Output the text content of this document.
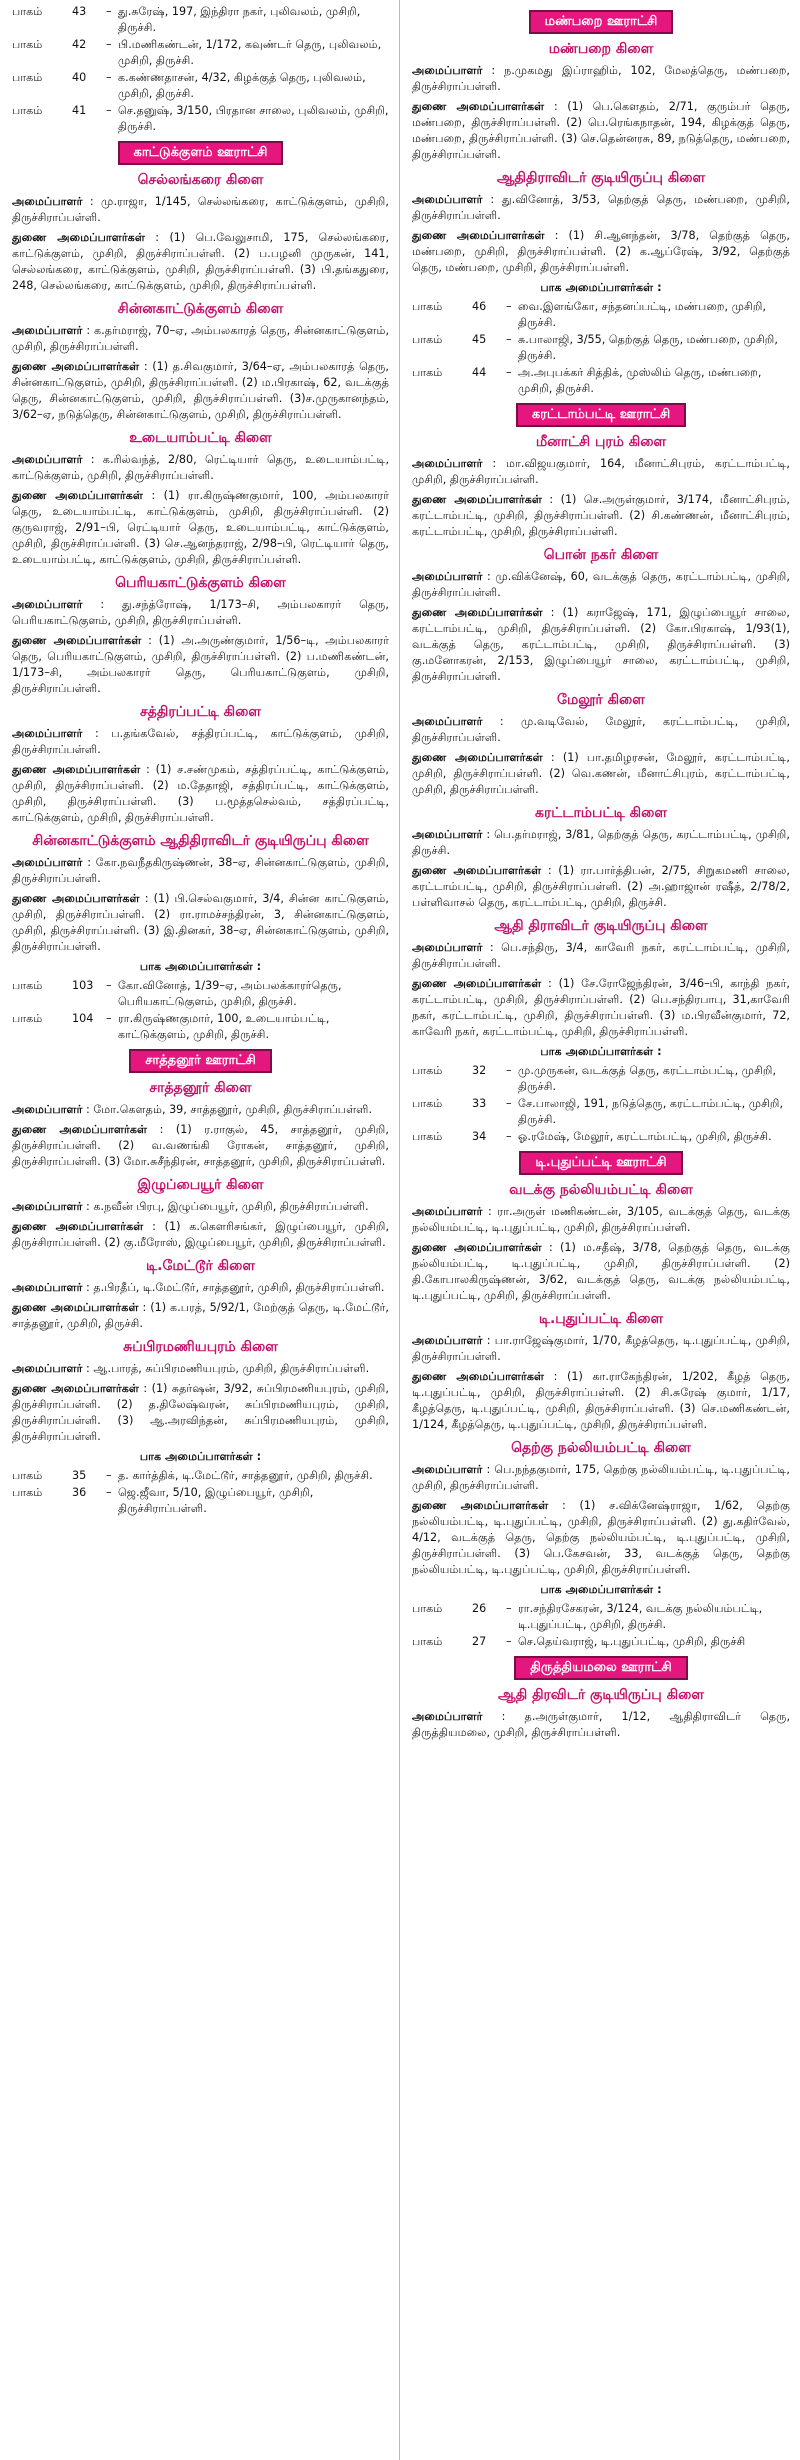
பாகம்	43	– து.சுரேஷ், 197, இந்திரா நகர், புலிவலம், முசிறி, திருச்சி.
பாகம்	42	– பி.மணிகண்டன், 1/172, கவுண்டர் தெரு, புலிவலம், முசிறி, திருச்சி.
பாகம்	40	– க.கண்ணதாசன், 4/32, கிழக்குத் தெரு, புலிவலம், முசிறி, திருச்சி.
பாகம்	41	– செ.தனுஷ், 3/150, பிரதான சாலை, புலிவலம், முசிறி, திருச்சி.
காட்டுக்குளம் ஊராட்சி
செல்லங்கரை கிளை

அமைப்பாளர் : மு.ராஜா, 1/145, செல்லங்கரை, காட்டுக்குளம், முசிறி, திருச்சிராப்பள்ளி.

துணை அமைப்பாளர்கள் : (1) பெ.வேலுசாமி, 175, செல்லங்கரை, காட்டுக்குளம், முசிறி, திருச்சிராப்பள்ளி. (2) ப.பழனி முருகன், 141, செல்லங்கரை, காட்டுக்குளம், முசிறி, திருச்சிராப்பள்ளி. (3) பி.தங்கதுரை, 248, செல்லங்கரை, காட்டுக்குளம், முசிறி, திருச்சிராப்பள்ளி.

சின்னகாட்டுக்குளம் கிளை

அமைப்பாளர் : க.தர்மராஜ், 70–ஏ, அம்பலகாரத் தெரு, சின்னகாட்டுகுளம், முசிறி, திருச்சிராப்பள்ளி.

துணை அமைப்பாளர்கள் : (1) த.சிவகுமார், 3/64–ஏ, அம்பலகாரத் தெரு, சின்னகாட்டுகுளம், முசிறி, திருச்சிராப்பள்ளி. (2) ம.பிரகாஷ், 62, வடக்குத் தெரு, சின்னகாட்டுகுளம், முசிறி, திருச்சிராப்பள்ளி. (3)ச.முருகானந்தம், 3/62–ஏ, நடுத்தெரு, சின்னகாட்டுகுளம், முசிறி, திருச்சிராப்பள்ளி.

உடையாம்பட்டி கிளை

அமைப்பாளர் : க.ரில்வந்த், 2/80, ரெட்டியார் தெரு, உடையாம்பட்டி, காட்டுக்குளம், முசிறி, திருச்சிராப்பள்ளி.

துணை அமைப்பாளர்கள் : (1) ரா.கிருஷ்ணகுமார், 100, அம்பலகாரர் தெரு, உடையாம்பட்டி, காட்டுக்குளம், முசிறி, திருச்சிராப்பள்ளி. (2) குருவராஜ், 2/91–பி, ரெட்டியார் தெரு, உடையாம்பட்டி, காட்டுக்குளம், முசிறி, திருச்சிராப்பள்ளி. (3) செ.ஆனந்தராஜ், 2/98–பி, ரெட்டியார் தெரு, உடையாம்பட்டி, காட்டுக்குளம், முசிறி, திருச்சிராப்பள்ளி.

பெரியகாட்டுக்குளம் கிளை

அமைப்பாளர் : து.சந்த்ரோஷ், 1/173–சி, அம்பலகாரர் தெரு, பெரியகாட்டுகுளம், முசிறி, திருச்சிராப்பள்ளி.

துணை அமைப்பாளர்கள் : (1) அ.அருண்குமார், 1/56–டி, அம்பலகாரர் தெரு, பெரியகாட்டுகுளம், முசிறி, திருச்சிராப்பள்ளி. (2) ப.மணிகண்டன், 1/173–சி, அம்பலகாரர் தெரு, பெரியகாட்டுகுளம், முசிறி, திருச்சிராப்பள்ளி.

சத்திரப்பட்டி கிளை

அமைப்பாளர் : ப.தங்கவேல், சத்திரப்பட்டி, காட்டுக்குளம், முசிறி, திருச்சிராப்பள்ளி.

துணை அமைப்பாளர்கள் : (1) ச.சண்முகம், சத்திரப்பட்டி, காட்டுக்குளம், முசிறி, திருச்சிராப்பள்ளி. (2) ம.தேதாஜி, சத்திரப்பட்டி, காட்டுக்குளம், முசிறி, திருச்சிராப்பள்ளி. (3) ப.மூத்தசெல்வம், சத்திரப்பட்டி, காட்டுக்குளம், முசிறி, திருச்சிராப்பள்ளி.

சின்னகாட்டுக்குளம் ஆதிதிராவிடர் குடியிருப்பு கிளை

அமைப்பாளர் : கோ.நவநீதகிருஷ்ணன், 38–ஏ, சின்னகாட்டுகுளம், முசிறி, திருச்சிராப்பள்ளி.

துணை அமைப்பாளர்கள் : (1) பி.செல்வகுமார், 3/4, சின்ன காட்டுகுளம், முசிறி, திருச்சிராப்பள்ளி. (2) ரா.ராமச்சந்திரன், 3, சின்னகாட்டுகுளம், முசிறி, திருச்சிராப்பள்ளி. (3) இ.தினகர், 38–ஏ, சின்னகாட்டுகுளம், முசிறி, திருச்சிராப்பள்ளி.

பாக அமைப்பாளர்கள் :
பாகம்	103	– கோ.வினோத், 1/39–ஏ, அம்பலக்காரர்தெரு, பெரியகாட்டுகுளம், முசிறி, திருச்சி.
பாகம்	104	– ரா.கிருஷ்ணகுமார், 100, உடையாம்பட்டி, காட்டுக்குளம், முசிறி, திருச்சி.
சாத்தனூர் ஊராட்சி
சாத்தனூர் கிளை

அமைப்பாளர் : மோ.கௌதம், 39, சாத்தனூர், முசிறி, திருச்சிராப்பள்ளி.

துணை அமைப்பாளர்கள் : (1) ர.ராகுல், 45, சாத்தனூர், முசிறி, திருச்சிராப்பள்ளி. (2) வ.வணங்கி ரோகன், சாத்தனூர், முசிறி, திருச்சிராப்பள்ளி. (3) மோ.சுசீந்திரன், சாத்தனூர், முசிறி, திருச்சிராப்பள்ளி.

இழுப்பையூர் கிளை

அமைப்பாளர் : க.நவீன் பிரபு, இழுப்பையூர், முசிறி, திருச்சிராப்பள்ளி.

துணை அமைப்பாளர்கள் : (1) க.கௌரிசங்கர், இழுப்பையூர், முசிறி, திருச்சிராப்பள்ளி. (2) கு.மீரோஸ், இழுப்பையூர், முசிறி, திருச்சிராப்பள்ளி.

டி.மேட்டூர் கிளை

அமைப்பாளர் : த.பிரதீப், டி.மேட்டூர், சாத்தனூர், முசிறி, திருச்சிராப்பள்ளி.

துணை அமைப்பாளர்கள் : (1) க.பரத், 5/92/1, மேற்குத் தெரு, டி.மேட்டூர், சாத்தனூர், முசிறி, திருச்சி.

சுப்பிரமணியபுரம் கிளை

அமைப்பாளர் : ஆ.பாரத், சுப்பிரமணியபுரம், முசிறி, திருச்சிராப்பள்ளி.

துணை அமைப்பாளர்கள் : (1) சுதர்ஷன், 3/92, சுப்பிரமணியபுரம், முசிறி, திருச்சிராப்பள்ளி. (2) த.திலேஷ்வரன், சுப்பிரமணியபுரம், முசிறி, திருச்சிராப்பள்ளி. (3) ஆ.அரவிந்தன், சுப்பிரமணியபுரம், முசிறி, திருச்சிராப்பள்ளி.

பாக அமைப்பாளர்கள் :
பாகம்	35	– த. கார்த்திக், டி.மேட்டூர், சாத்தனூர், முசிறி, திருச்சி.
பாகம்	36	– ஜெ.ஜீவா, 5/10, இழுப்பையூர், முசிறி, திருச்சிராப்பள்ளி.
மண்பறை ஊராட்சி
மண்பறை கிளை

அமைப்பாளர் : ந.முகமது இப்ராஹிம், 102, மேலத்தெரு, மண்பறை, திருச்சிராப்பள்ளி.

துணை அமைப்பாளர்கள் : (1) பெ.கௌதம், 2/71, குரும்பர் தெரு, மண்பறை, திருச்சிராப்பள்ளி. (2) பெ.ரெங்கநாதன், 194, கிழக்குத் தெரு, மண்பறை, திருச்சிராப்பள்ளி. (3) செ.தென்னரசு, 89, நடுத்தெரு, மண்பறை, திருச்சிராப்பள்ளி.

ஆதிதிராவிடர் குடியிருப்பு கிளை

அமைப்பாளர் : து.வினோத், 3/53, தெற்குத் தெரு, மண்பறை, முசிறி, திருச்சிராப்பள்ளி.

துணை அமைப்பாளர்கள் : (1) சி.ஆனந்தன், 3/78, தெற்குத் தெரு, மண்பறை, முசிறி, திருச்சிராப்பள்ளி. (2) க.ஆப்ரேஷ், 3/92, தெற்குத் தெரு, மண்பறை, முசிறி, திருச்சிராப்பள்ளி.

பாக அமைப்பாளர்கள் :
பாகம்	46	– வை.இளங்கோ, சந்தனப்பட்டி, மண்பறை, முசிறி, திருச்சி.
பாகம்	45	– சு.பாலாஜி, 3/55, தெற்குத் தெரு, மண்பறை, முசிறி, திருச்சி.
பாகம்	44	– அ.அபுபக்கர் சித்திக், முஸ்லிம் தெரு, மண்பறை, முசிறி, திருச்சி.
கரட்டாம்பட்டி ஊராட்சி
மீனாட்சி புரம் கிளை

அமைப்பாளர் : மா.விஜயகுமார், 164, மீனாட்சிபுரம், கரட்டாம்பட்டி, முசிறி, திருச்சிராப்பள்ளி.

துணை அமைப்பாளர்கள் : (1) செ.அருள்குமார், 3/174, மீனாட்சிபுரம், கரட்டாம்பட்டி, முசிறி, திருச்சிராப்பள்ளி. (2) சி.கண்ணன், மீனாட்சிபுரம், கரட்டாம்பட்டி, முசிறி, திருச்சிராப்பள்ளி.

பொன் நகர் கிளை

அமைப்பாளர் : மு.விக்னேஷ், 60, வடக்குத் தெரு, கரட்டாம்பட்டி, முசிறி, திருச்சிராப்பள்ளி.

துணை அமைப்பாளர்கள் : (1) கராஜேஷ், 171, இழுப்பையூர் சாலை, கரட்டாம்பட்டி, முசிறி, திருச்சிராப்பள்ளி. (2) கோ.பிரகாஷ், 1/93(1), வடக்குத் தெரு, கரட்டாம்பட்டி, முசிறி, திருச்சிராப்பள்ளி. (3) கு.மனோகரன், 2/153, இழுப்பையூர் சாலை, கரட்டாம்பட்டி, முசிறி, திருச்சிராப்பள்ளி.

மேலூர் கிளை

அமைப்பாளர் : மு.வடிவேல், மேலூர், கரட்டாம்பட்டி, முசிறி, திருச்சிராப்பள்ளி.

துணை அமைப்பாளர்கள் : (1) பா.தமிழரசன், மேலூர், கரட்டாம்பட்டி, முசிறி, திருச்சிராப்பள்ளி. (2) வெ.கணன், மீனாட்சிபுரம், கரட்டாம்பட்டி, முசிறி, திருச்சிராப்பள்ளி.

கரட்டாம்பட்டி கிளை

அமைப்பாளர் : பெ.தர்மராஜ், 3/81, தெற்குத் தெரு, கரட்டாம்பட்டி, முசிறி, திருச்சி.

துணை அமைப்பாளர்கள் : (1) ரா.பார்த்திபன், 2/75, சிறுகமணி சாலை, கரட்டாம்பட்டி, முசிறி, திருச்சிராப்பள்ளி. (2) அ.ஹாஜான் ரஷீத், 2/78/2, பள்ளிவாசல் தெரு, கரட்டாம்பட்டி, முசிறி, திருச்சி.

ஆதி திராவிடர் குடியிருப்பு கிளை

அமைப்பாளர் : பெ.சந்திரு, 3/4, காவேரி நகர், கரட்டாம்பட்டி, முசிறி, திருச்சிராப்பள்ளி.

துணை அமைப்பாளர்கள் : (1) சே.ரோஜேந்திரன், 3/46–பி, காந்தி நகர், கரட்டாம்பட்டி, முசிறி, திருச்சிராப்பள்ளி. (2) பெ.சந்திரபாபு, 31,காவேரி நகர், கரட்டாம்பட்டி, முசிறி, திருச்சிராப்பள்ளி. (3) ம.பிரவீன்குமார், 72, காவேரி நகர், கரட்டாம்பட்டி, முசிறி, திருச்சிராப்பள்ளி.

பாக அமைப்பாளர்கள் :
பாகம்	32	– மு.முருகன், வடக்குத் தெரு, கரட்டாம்பட்டி, முசிறி, திருச்சி.
பாகம்	33	– சே.பாலாஜி, 191, நடுத்தெரு, கரட்டாம்பட்டி, முசிறி, திருச்சி.
பாகம்	34	– ஓ.ரமேஷ், மேலூர், கரட்டாம்பட்டி, முசிறி, திருச்சி.
டி.புதுப்பட்டி ஊராட்சி
வடக்கு நல்லியம்பட்டி கிளை

அமைப்பாளர் : ரா.அருள் மணிகண்டன், 3/105, வடக்குத் தெரு, வடக்கு நல்லியம்பட்டி, டி.புதுப்பட்டி, முசிறி, திருச்சிராப்பள்ளி.

துணை அமைப்பாளர்கள் : (1) ம.சதீஷ், 3/78, தெற்குத் தெரு, வடக்கு நல்லியம்பட்டி, டி.புதுப்பட்டி, முசிறி, திருச்சிராப்பள்ளி. (2) தி.கோபாலகிருஷ்ணன், 3/62, வடக்குத் தெரு, வடக்கு நல்லியம்பட்டி, டி.புதுப்பட்டி, முசிறி, திருச்சிராப்பள்ளி.

டி.புதுப்பட்டி கிளை

அமைப்பாளர் : பா.ராஜேஷ்குமார், 1/70, கீழத்தெரு, டி.புதுப்பட்டி, முசிறி, திருச்சிராப்பள்ளி.

துணை அமைப்பாளர்கள் : (1) கா.ராகேந்திரன், 1/202, கீழத் தெரு, டி.புதுப்பட்டி, முசிறி, திருச்சிராப்பள்ளி. (2) சி.சுரேஷ் குமார், 1/17, கீழத்தெரு, டி.புதுப்பட்டி, முசிறி, திருச்சிராப்பள்ளி. (3) செ.மணிகண்டன், 1/124, கீழத்தெரு, டி.புதுப்பட்டி, முசிறி, திருச்சிராப்பள்ளி.

தெற்கு நல்லியம்பட்டி கிளை

அமைப்பாளர் : பெ.நந்தகுமார், 175, தெற்கு நல்லியம்பட்டி, டி.புதுப்பட்டி, முசிறி, திருச்சிராப்பள்ளி.

துணை அமைப்பாளர்கள் : (1) ச.விக்னேஷ்ராஜா, 1/62, தெற்கு நல்லியம்பட்டி, டி.புதுப்பட்டி, முசிறி, திருச்சிராப்பள்ளி. (2) து.கதிர்வேல், 4/12, வடக்குத் தெரு, தெற்கு நல்லியம்பட்டி, டி.புதுப்பட்டி, முசிறி, திருச்சிராப்பள்ளி. (3) பெ.கேசவன், 33, வடக்குத் தெரு, தெற்கு நல்லியம்பட்டி, டி.புதுப்பட்டி, முசிறி, திருச்சிராப்பள்ளி.

பாக அமைப்பாளர்கள் :
பாகம்	26	– ரா.சந்திரசேகரன், 3/124, வடக்கு நல்லியம்பட்டி, டி.புதுப்பட்டி, முசிறி, திருச்சி.
பாகம்	27	– செ.தெய்வராஜ், டி.புதுப்பட்டி, முசிறி, திருச்சி
திருத்தியமலை ஊராட்சி
ஆதி திரவிடர் குடியிருப்பு கிளை

அமைப்பாளர் : த.அருள்குமார், 1/12, ஆதிதிராவிடர் தெரு, திருத்தியமலை, முசிறி, திருச்சிராப்பள்ளி.
